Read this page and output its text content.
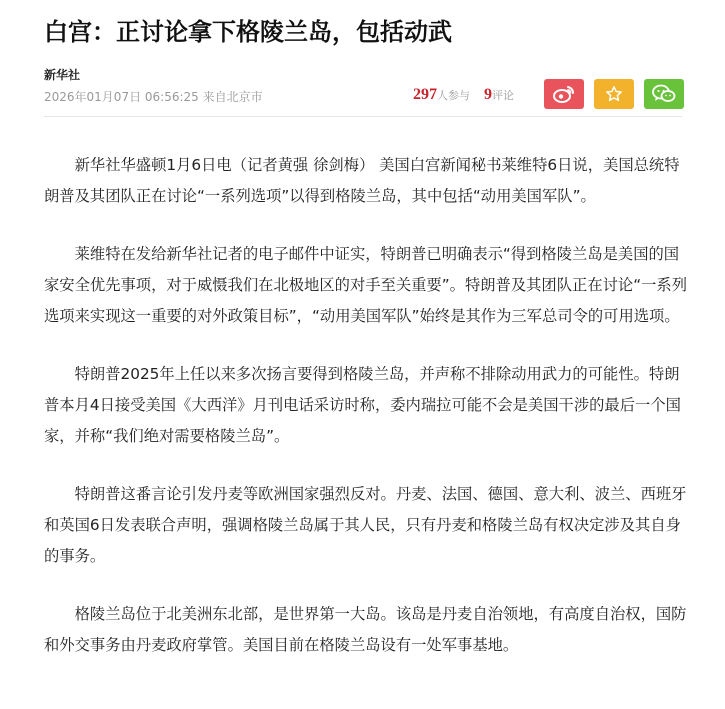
白宫：正讨论拿下格陵兰岛，包括动武
新华社
2026年01月07日 06:56:25 来自北京市	297人参与 9评论

新华社华盛顿1月6日电（记者黄强 徐剑梅） 美国白宫新闻秘书莱维特6日说，美国总统特朗普及其团队正在讨论“一系列选项”以得到格陵兰岛，其中包括“动用美国军队”。

莱维特在发给新华社记者的电子邮件中证实，特朗普已明确表示“得到格陵兰岛是美国的国家安全优先事项，对于威慑我们在北极地区的对手至关重要”。特朗普及其团队正在讨论“一系列选项来实现这一重要的对外政策目标”，“动用美国军队”始终是其作为三军总司令的可用选项。

特朗普2025年上任以来多次扬言要得到格陵兰岛，并声称不排除动用武力的可能性。特朗普本月4日接受美国《大西洋》月刊电话采访时称，委内瑞拉可能不会是美国干涉的最后一个国家，并称“我们绝对需要格陵兰岛”。

特朗普这番言论引发丹麦等欧洲国家强烈反对。丹麦、法国、德国、意大利、波兰、西班牙和英国6日发表联合声明，强调格陵兰岛属于其人民，只有丹麦和格陵兰岛有权决定涉及其自身的事务。

格陵兰岛位于北美洲东北部，是世界第一大岛。该岛是丹麦自治领地，有高度自治权，国防和外交事务由丹麦政府掌管。美国目前在格陵兰岛设有一处军事基地。
